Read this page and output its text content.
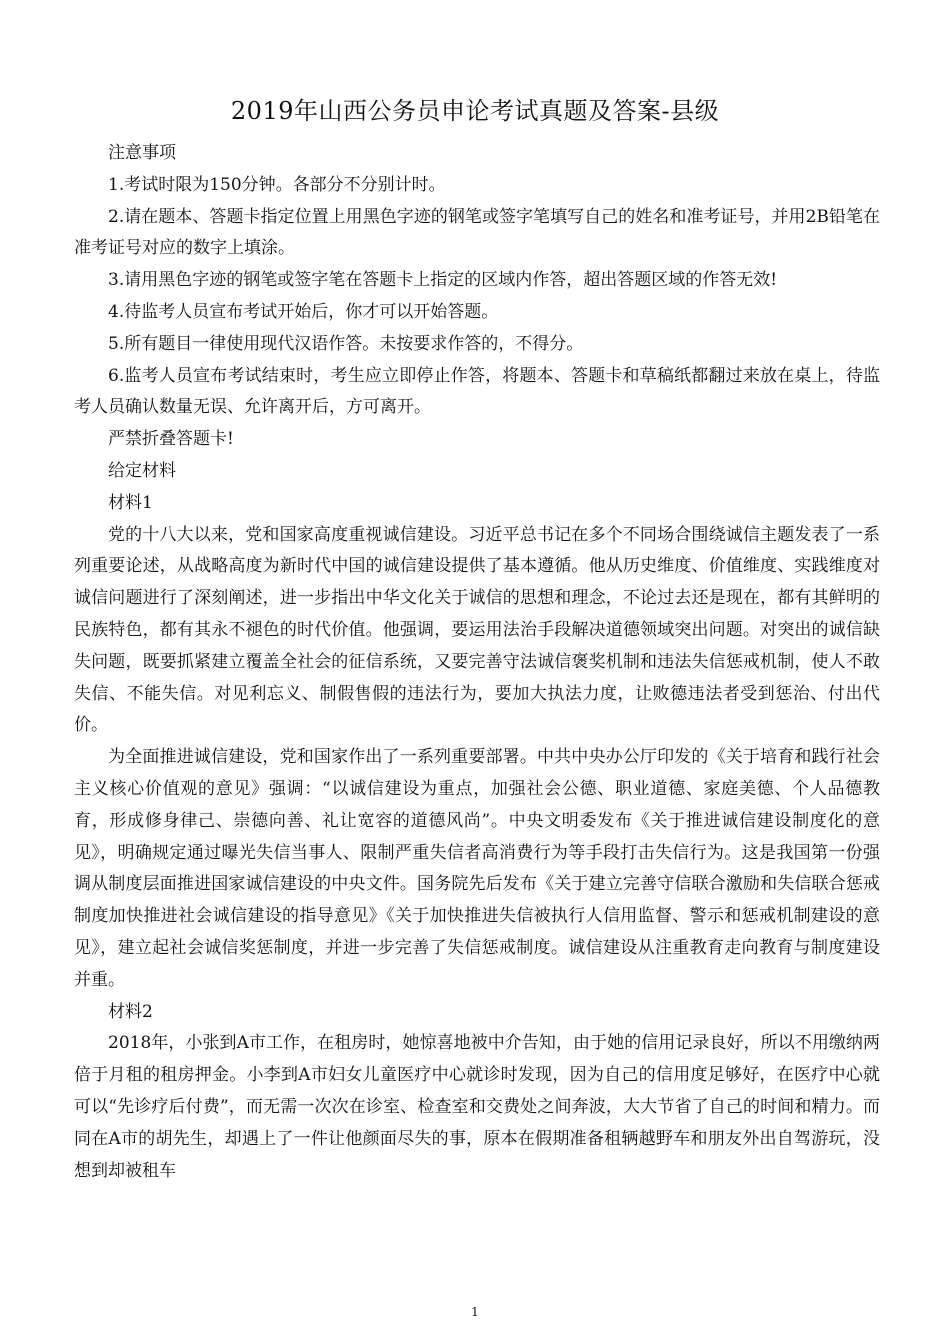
2019年山西公务员申论考试真题及答案-县级

注意事项

1.考试时限为150分钟。各部分不分别计时。

2.请在题本、答题卡指定位置上用黑色字迹的钢笔或签字笔填写自己的姓名和准考证号，并用2B铅笔在准考证号对应的数字上填涂。

3.请用黑色字迹的钢笔或签字笔在答题卡上指定的区域内作答，超出答题区域的作答无效!

4.待监考人员宣布考试开始后，你才可以开始答题。

5.所有题目一律使用现代汉语作答。未按要求作答的，不得分。

6.监考人员宣布考试结束时，考生应立即停止作答，将题本、答题卡和草稿纸都翻过来放在桌上，待监考人员确认数量无误、允许离开后，方可离开。

严禁折叠答题卡!

给定材料

材料1

党的十八大以来，党和国家高度重视诚信建设。习近平总书记在多个不同场合围绕诚信主题发表了一系列重要论述，从战略高度为新时代中国的诚信建设提供了基本遵循。他从历史维度、价值维度、实践维度对诚信问题进行了深刻阐述，进一步指出中华文化关于诚信的思想和理念，不论过去还是现在，都有其鲜明的民族特色，都有其永不褪色的时代价值。他强调，要运用法治手段解决道德领域突出问题。对突出的诚信缺失问题，既要抓紧建立覆盖全社会的征信系统，又要完善守法诚信褒奖机制和违法失信惩戒机制，使人不敢失信、不能失信。对见利忘义、制假售假的违法行为，要加大执法力度，让败德违法者受到惩治、付出代价。

为全面推进诚信建设，党和国家作出了一系列重要部署。中共中央办公厅印发的《关于培育和践行社会主义核心价值观的意见》强调：“以诚信建设为重点，加强社会公德、职业道德、家庭美德、个人品德教育，形成修身律己、崇德向善、礼让宽容的道德风尚”。中央文明委发布《关于推进诚信建设制度化的意见》，明确规定通过曝光失信当事人、限制严重失信者高消费行为等手段打击失信行为。这是我国第一份强调从制度层面推进国家诚信建设的中央文件。国务院先后发布《关于建立完善守信联合激励和失信联合惩戒制度加快推进社会诚信建设的指导意见》《关于加快推进失信被执行人信用监督、警示和惩戒机制建设的意见》，建立起社会诚信奖惩制度，并进一步完善了失信惩戒制度。诚信建设从注重教育走向教育与制度建设并重。

材料2

2018年，小张到A市工作，在租房时，她惊喜地被中介告知，由于她的信用记录良好，所以不用缴纳两倍于月租的租房押金。小李到A市妇女儿童医疗中心就诊时发现，因为自己的信用度足够好，在医疗中心就可以“先诊疗后付费”，而无需一次次在诊室、检查室和交费处之间奔波，大大节省了自己的时间和精力。而同在A市的胡先生，却遇上了一件让他颜面尽失的事，原本在假期准备租辆越野车和朋友外出自驾游玩，没想到却被租车

1
